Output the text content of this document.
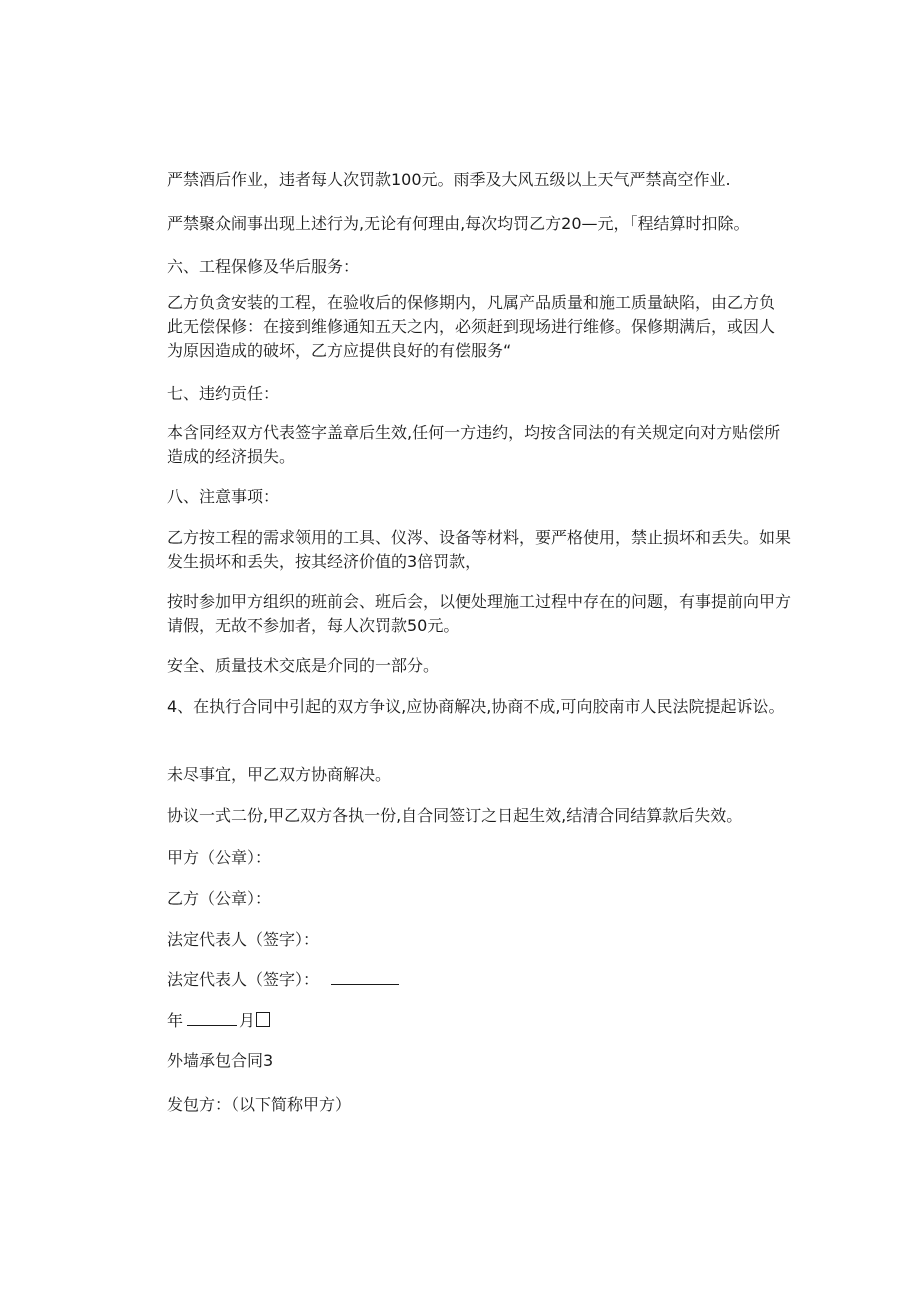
严禁酒后作业，违者每人次罚款100元。雨季及大风五级以上天气严禁高空作业.

严禁聚众闹事出现上述行为,无论有何理由,每次均罚乙方20—元，「程结算时扣除。

六、工程保修及华后服务：

乙方负贪安装的工程，在验收后的保修期内，凡属产品质量和施工质量缺陷，由乙方负此无偿保修：在接到维修通知五天之内，必须赶到现场进行维修。保修期满后，或因人为原因造成的破坏，乙方应提供良好的有偿服务“

七、违约贡任：

本含同经双方代表签字盖章后生效,任何一方违约，均按含同法的有关规定向对方贴偿所造成的经济损失。

八、注意事项：

乙方按工程的需求领用的工具、仪涔、设备等材料，要严格使用，禁止损坏和丢失。如果发生损坏和丢失，按其经济价值的3倍罚款，

按时参加甲方组织的班前会、班后会，以便处理施工过程中存在的问题，有事提前向甲方请假，无故不参加者，每人次罚款50元。

安全、质量技术交底是介同的一部分。

4、在执行合同中引起的双方争议,应协商解决,协商不成,可向胶南市人民法院提起诉讼。

未尽事宜，甲乙双方协商解决。

协议一式二份,甲乙双方各执一份,自合同签订之日起生效,结清合同结算款后失效。

甲方（公章）：

乙方（公章）：

法定代表人（签字）：

法定代表人（签字）：

年	月

外墙承包合同3

发包方：（以下简称甲方）
